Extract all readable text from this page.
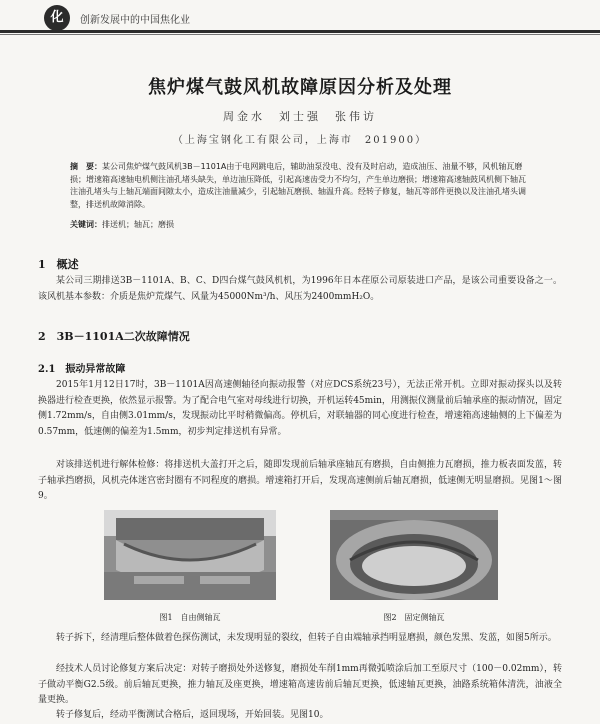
化	创新发展中的中国焦化业
焦炉煤气鼓风机故障原因分析及处理
周金水　刘士强　张伟访
（上海宝钢化工有限公司，上海市　201900）
摘　要：某公司焦炉煤气鼓风机3B－1101A由于电网跳电后，辅助油泵没电、没有及时启动，造成油压、油量不够，风机轴瓦磨损；增速箱高速轴电机侧注油孔堵头缺失，单边油压降低，引起高速齿受力不均匀，产生单边磨损；增速箱高速轴鼓风机侧下轴瓦注油孔堵头与上轴瓦端面间隙太小，造成注油量减少，引起轴瓦磨损、轴温升高。经转子修复，轴瓦等部件更换以及注油孔堵头调整，排送机故障消除。
关键词：排送机；轴瓦；磨损
1　概述
某公司三期排送3B－1101A、B、C、D四台煤气鼓风机机，为1996年日本荏原公司原装进口产品，是该公司重要设备之一。该风机基本参数：介质是焦炉荒煤气、风量为45000Nm³/h、风压为2400mmH₂O。
2　3B－1101A二次故障情况
2.1　振动异常故障
2015年1月12日17时，3B－1101A因高速侧轴径向振动报警（对应DCS系统23号），无法正常开机。立即对振动探头以及转换器进行检查更换，依然显示报警。为了配合电气室对母线进行切换，开机运转45min，用测振仪测量前后轴承座的振动情况，固定侧1.72mm/s，自由侧3.01mm/s，发现振动比平时稍微偏高。停机后，对联轴器的同心度进行检查，增速箱高速轴侧的上下偏差为0.57mm，低速侧的偏差为1.5mm，初步判定排送机有异常。
对该排送机进行解体检修：将排送机大盖打开之后，随即发现前后轴承座轴瓦有磨损，自由侧推力瓦磨损，推力板表面发蓝，转子轴承挡磨损，风机壳体迷宫密封圈有不同程度的磨损。增速箱打开后，发现高速侧前后轴瓦磨损，低速侧无明显磨损。见图1～图9。
图1　自由侧轴瓦	图2　固定侧轴瓦
转子拆下，经清理后整体做着色探伤测试，未发现明显的裂纹，但转子自由端轴承挡明显磨损，颜色发黑、发蓝，如图5所示。
经技术人员讨论修复方案后决定：对转子磨损处外送修复，磨损处车削1mm再微弧喷涂后加工至原尺寸（100－0.02mm），转子做动平衡G2.5级。前后轴瓦更换，推力轴瓦及座更换，增速箱高速齿前后轴瓦更换，低速轴瓦更换，油路系统箱体清洗，油液全量更换。
转子修复后，经动平衡测试合格后，返回现场，开始回装。见图10。
